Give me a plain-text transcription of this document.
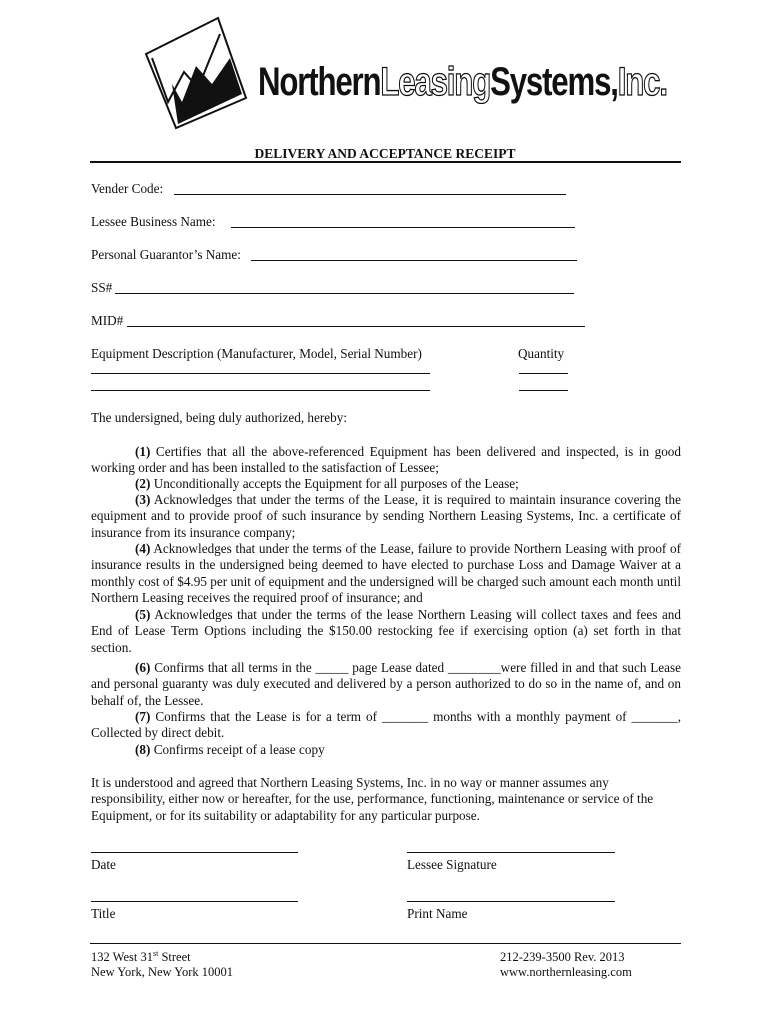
NorthernLeasingSystems,Inc.
DELIVERY AND ACCEPTANCE RECEIPT
Vender Code:
Lessee Business Name:
Personal Guarantor’s Name:
SS#
MID#
Equipment Description (Manufacturer, Model, Serial Number)	Quantity
The undersigned, being duly authorized, hereby:
(1) Certifies that all the above-referenced Equipment has been delivered and inspected, is in good working order and has been installed to the satisfaction of Lessee;
(2) Unconditionally accepts the Equipment for all purposes of the Lease;
(3) Acknowledges that under the terms of the Lease, it is required to maintain insurance covering the equipment and to provide proof of such insurance by sending Northern Leasing Systems, Inc. a certificate of insurance from its insurance company;
(4) Acknowledges that under the terms of the Lease, failure to provide Northern Leasing with proof of insurance results in the undersigned being deemed to have elected to purchase Loss and Damage Waiver at a monthly cost of $4.95 per unit of equipment and the undersigned will be charged such amount each month until Northern Leasing receives the required proof of insurance; and
(5) Acknowledges that under the terms of the lease Northern Leasing will collect taxes and fees and End of Lease Term Options including the $150.00 restocking fee if exercising option (a) set forth in that section.
(6) Confirms that all terms in the _____ page Lease dated ________were filled in and that such Lease and personal guaranty was duly executed and delivered by a person authorized to do so in the name of, and on behalf of, the Lessee.
(7) Confirms that the Lease is for a term of _______ months with a monthly payment of _______, Collected by direct debit.
(8) Confirms receipt of a lease copy
It is understood and agreed that Northern Leasing Systems, Inc. in no way or manner assumes any responsibility, either now or hereafter, for the use, performance, functioning, maintenance or service of the Equipment, or for its suitability or adaptability for any particular purpose.
Date	Lessee Signature
Title	Print Name
132 West 31st Street
New York, New York 10001
212-239-3500 Rev. 2013
www.northernleasing.com
